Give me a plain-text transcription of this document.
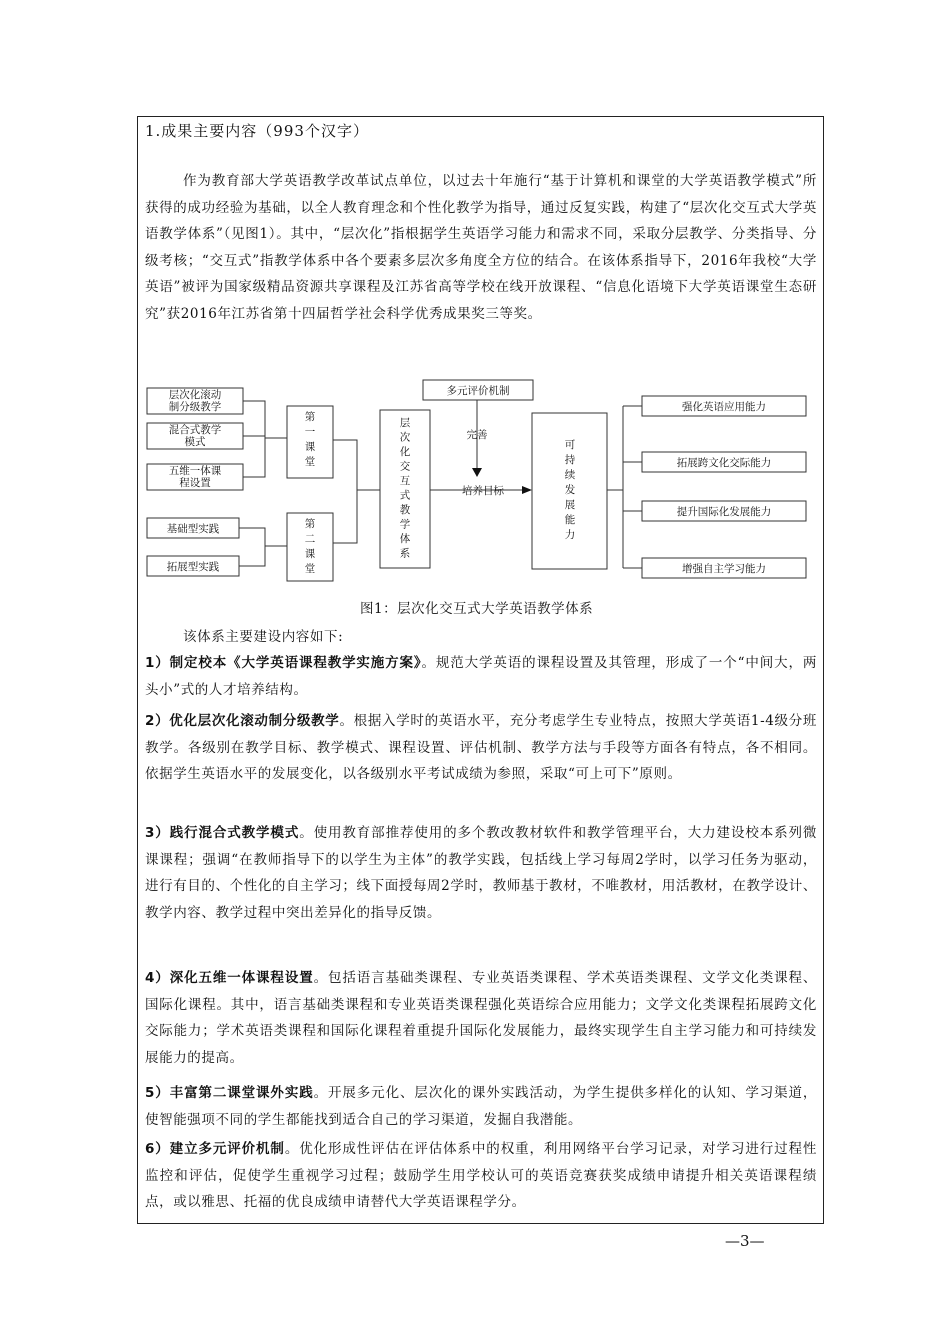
1.成果主要内容（993个汉字）

作为教育部大学英语教学改革试点单位，以过去十年施行“基于计算机和课堂的大学英语教学模式”所获得的成功经验为基础，以全人教育理念和个性化教学为指导，通过反复实践，构建了“层次化交互式大学英语教学体系”（见图1）。其中，“层次化”指根据学生英语学习能力和需求不同，采取分层教学、分类指导、分级考核；“交互式”指教学体系中各个要素多层次多角度全方位的结合。在该体系指导下，2016年我校“大学英语”被评为国家级精品资源共享课程及江苏省高等学校在线开放课程、“信息化语境下大学英语课堂生态研究”获2016年江苏省第十四届哲学社会科学优秀成果奖三等奖。

层次化滚动制分级教学
混合式教学模式
五维一体课程设置
基础型实践
拓展型实践
第一课堂
第二课堂
层次化交互式教学体系
多元评价机制
完善
培养目标
可持续发展能力
强化英语应用能力
拓展跨文化交际能力
提升国际化发展能力
增强自主学习能力
图1：层次化交互式大学英语教学体系
该体系主要建设内容如下:

1）制定校本《大学英语课程教学实施方案》。规范大学英语的课程设置及其管理，形成了一个“中间大，两头小”式的人才培养结构。

2）优化层次化滚动制分级教学。根据入学时的英语水平，充分考虑学生专业特点，按照大学英语1-4级分班教学。各级别在教学目标、教学模式、课程设置、评估机制、教学方法与手段等方面各有特点，各不相同。依据学生英语水平的发展变化，以各级别水平考试成绩为参照，采取“可上可下”原则。

3）践行混合式教学模式。使用教育部推荐使用的多个教改教材软件和教学管理平台，大力建设校本系列微课课程；强调“在教师指导下的以学生为主体”的教学实践，包括线上学习每周2学时，以学习任务为驱动，进行有目的、个性化的自主学习；线下面授每周2学时，教师基于教材，不唯教材，用活教材，在教学设计、教学内容、教学过程中突出差异化的指导反馈。

4）深化五维一体课程设置。包括语言基础类课程、专业英语类课程、学术英语类课程、文学文化类课程、国际化课程。其中，语言基础类课程和专业英语类课程强化英语综合应用能力；文学文化类课程拓展跨文化交际能力；学术英语类课程和国际化课程着重提升国际化发展能力，最终实现学生自主学习能力和可持续发展能力的提高。

5）丰富第二课堂课外实践。开展多元化、层次化的课外实践活动，为学生提供多样化的认知、学习渠道，使智能强项不同的学生都能找到适合自己的学习渠道，发掘自我潜能。

6）建立多元评价机制。优化形成性评估在评估体系中的权重，利用网络平台学习记录，对学习进行过程性监控和评估，促使学生重视学习过程；鼓励学生用学校认可的英语竞赛获奖成绩申请提升相关英语课程绩点，或以雅思、托福的优良成绩申请替代大学英语课程学分。

—3—
